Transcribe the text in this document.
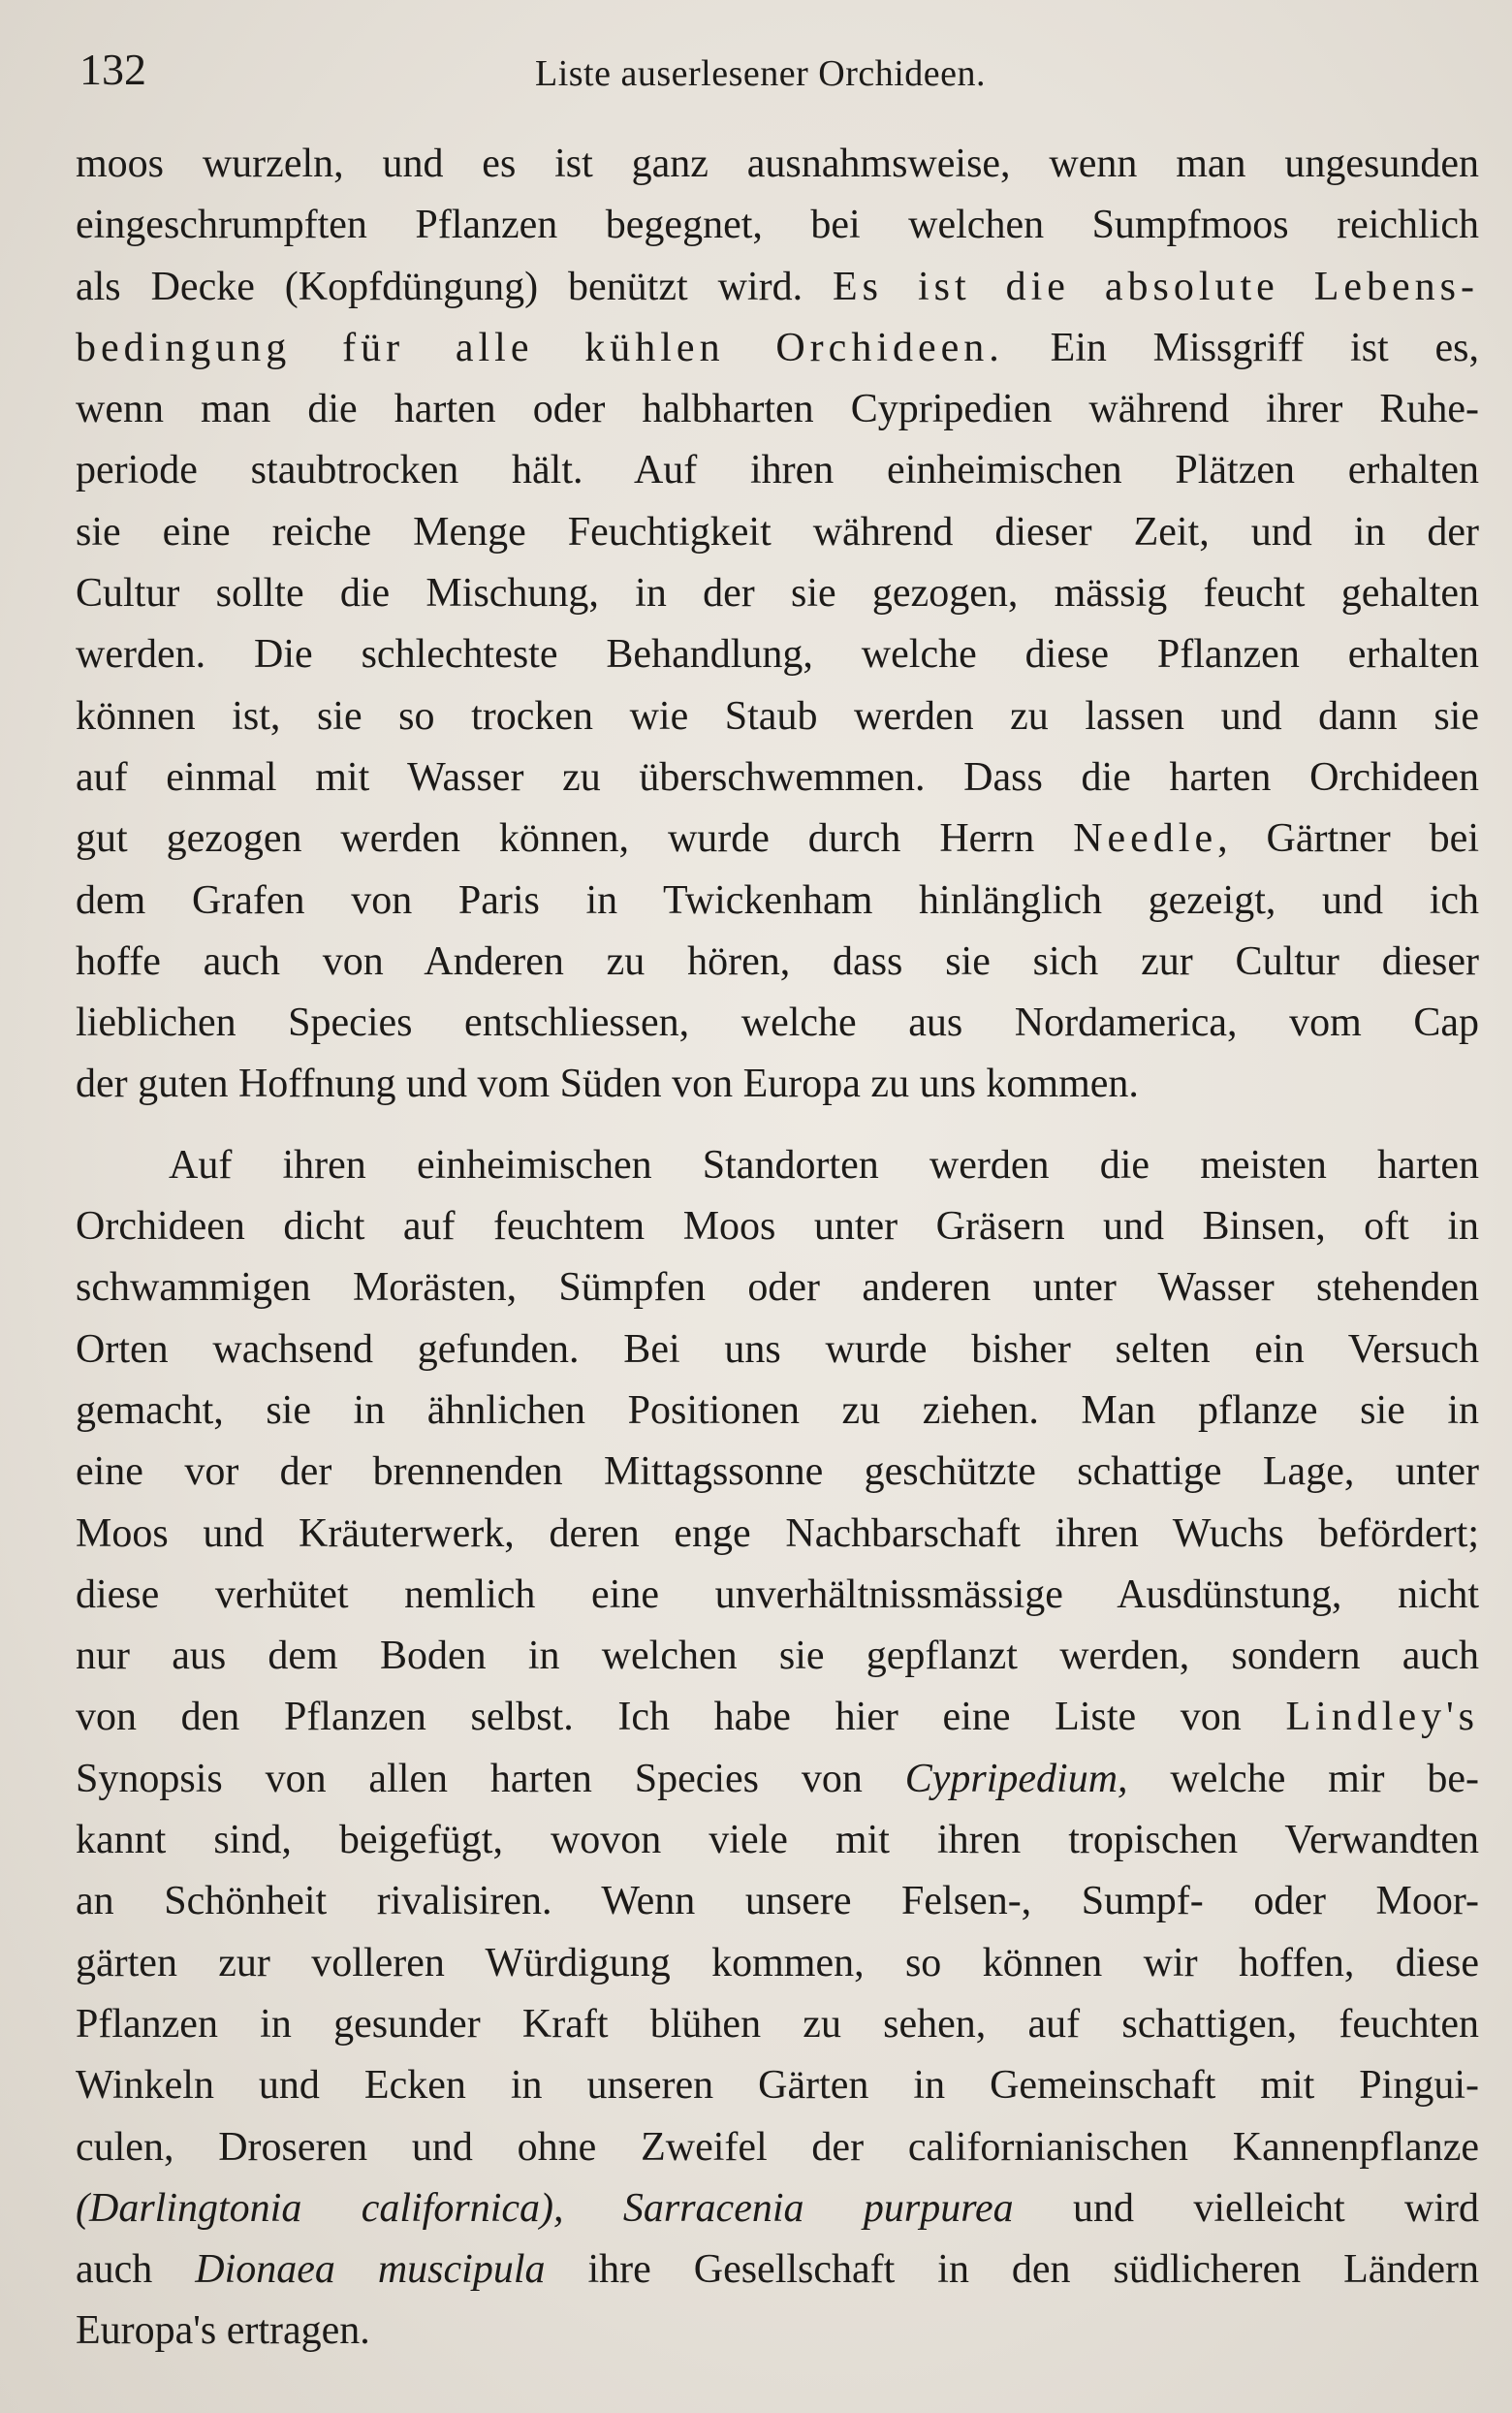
132	Liste auserlesener Orchideen.
moos wurzeln, und es ist ganz ausnahmsweise, wenn man ungesunden
eingeschrumpften Pflanzen begegnet, bei welchen Sumpfmoos reichlich
als Decke (Kopfdüngung) benützt wird. Es ist die absolute Lebens-
bedingung für alle kühlen Orchideen. Ein Missgriff ist es,
wenn man die harten oder halbharten Cypripedien während ihrer Ruhe-
periode staubtrocken hält. Auf ihren einheimischen Plätzen erhalten
sie eine reiche Menge Feuchtigkeit während dieser Zeit, und in der
Cultur sollte die Mischung, in der sie gezogen, mässig feucht gehalten
werden. Die schlechteste Behandlung, welche diese Pflanzen erhalten
können ist, sie so trocken wie Staub werden zu lassen und dann sie
auf einmal mit Wasser zu überschwemmen. Dass die harten Orchideen
gut gezogen werden können, wurde durch Herrn Needle, Gärtner bei
dem Grafen von Paris in Twickenham hinlänglich gezeigt, und ich
hoffe auch von Anderen zu hören, dass sie sich zur Cultur dieser
lieblichen Species entschliessen, welche aus Nordamerica, vom Cap
der guten Hoffnung und vom Süden von Europa zu uns kommen.
Auf ihren einheimischen Standorten werden die meisten harten
Orchideen dicht auf feuchtem Moos unter Gräsern und Binsen, oft in
schwammigen Morästen, Sümpfen oder anderen unter Wasser stehenden
Orten wachsend gefunden. Bei uns wurde bisher selten ein Versuch
gemacht, sie in ähnlichen Positionen zu ziehen. Man pflanze sie in
eine vor der brennenden Mittagssonne geschützte schattige Lage, unter
Moos und Kräuterwerk, deren enge Nachbarschaft ihren Wuchs befördert;
diese verhütet nemlich eine unverhältnissmässige Ausdünstung, nicht
nur aus dem Boden in welchen sie gepflanzt werden, sondern auch
von den Pflanzen selbst. Ich habe hier eine Liste von Lindley's
Synopsis von allen harten Species von Cypripedium, welche mir be-
kannt sind, beigefügt, wovon viele mit ihren tropischen Verwandten
an Schönheit rivalisiren. Wenn unsere Felsen-, Sumpf- oder Moor-
gärten zur volleren Würdigung kommen, so können wir hoffen, diese
Pflanzen in gesunder Kraft blühen zu sehen, auf schattigen, feuchten
Winkeln und Ecken in unseren Gärten in Gemeinschaft mit Pingui-
culen, Droseren und ohne Zweifel der californianischen Kannenpflanze
(Darlingtonia californica), Sarracenia purpurea und vielleicht wird
auch Dionaea muscipula ihre Gesellschaft in den südlicheren Ländern
Europa's ertragen.
